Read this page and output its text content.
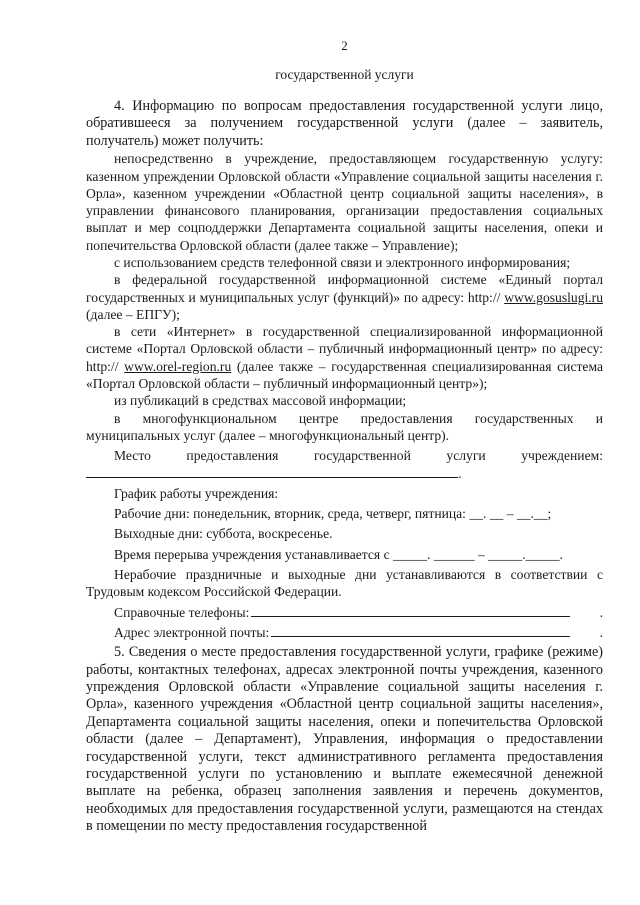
2
государственной услуги

4. Информацию по вопросам предоставления государственной услуги лицо, обратившееся за получением государственной услуги (далее – заявитель, получатель) может получить:

непосредственно в учреждение, предоставляющем государственную услугу: казенном упреждении Орловской области «Управление социальной защиты населения г. Орла», казенном учреждении «Областной центр социальной защиты населения», в управлении финансового планирования, организации предоставления социальных выплат и мер соцподдержки Департамента социальной защиты населения, опеки и попечительства Орловской области (далее также – Управление);

с использованием средств телефонной связи и электронного информирования;

в федеральной государственной информационной системе «Единый портал государственных и муниципальных услуг (функций)» по адресу: http:// www.gosuslugi.ru (далее – ЕПГУ);

в сети «Интернет» в государственной специализированной информационной системе «Портал Орловской области – публичный информационный центр» по адресу: http:// www.orel-region.ru (далее также – государственная специализированная система «Портал Орловской области – публичный информационный центр»);

из публикаций в средствах массовой информации;

в многофункциональном центре предоставления государственных и муниципальных услуг (далее – многофункциональный центр).

Место предоставления государственной услуги учреждением:

.

График работы учреждения:

Рабочие дни: понедельник, вторник, среда, четверг, пятница: __. __ – __.__;

Выходные дни: суббота, воскресенье.

Время перерыва учреждения устанавливается с _____. ______ – _____._____.

Нерабочие праздничные и выходные дни устанавливаются в соответствии с Трудовым кодексом Российской Федерации.

Справочные телефоны:	.
Адрес электронной почты:	.

5. Сведения о месте предоставления государственной услуги, графике (режиме) работы, контактных телефонах, адресах электронной почты учреждения, казенного упреждения Орловской области «Управление социальной защиты населения г. Орла», казенного учреждения «Областной центр социальной защиты населения», Департамента социальной защиты населения, опеки и попечительства Орловской области (далее – Департамент), Управления, информация о предоставлении государственной услуги, текст административного регламента предоставления государственной услуги по установлению и выплате ежемесячной денежной выплате на ребенка, образец заполнения заявления и перечень документов, необходимых для предоставления государственной услуги, размещаются на стендах в помещении по месту предоставления государственной
